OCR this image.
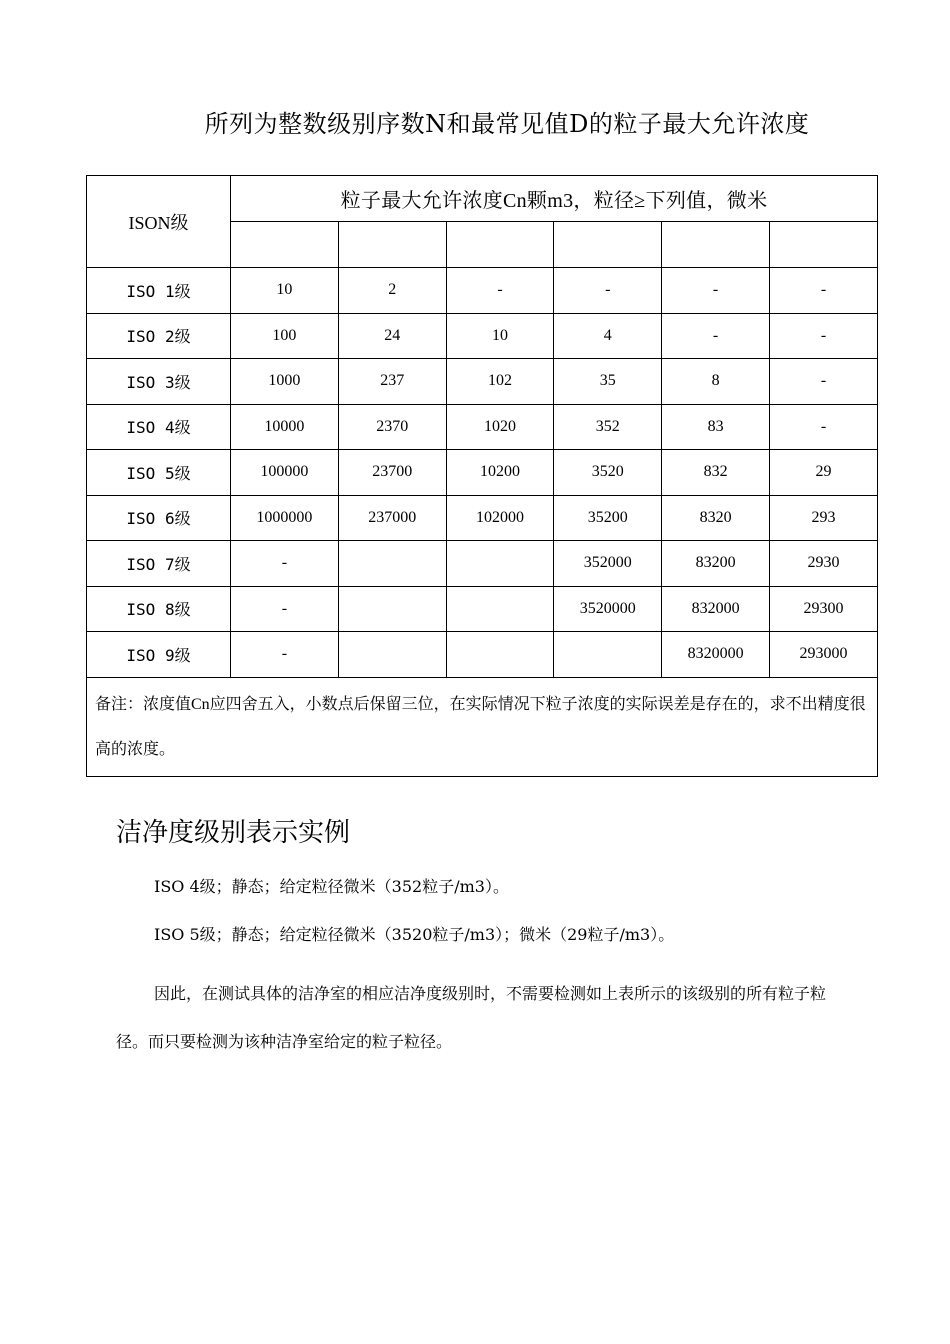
所列为整数级别序数N和最常见值D的粒子最大允许浓度
ISON级	粒子最大允许浓度Cn颗m3，粒径≥下列值，微米					

ISO 1级	10	2	-	-	-	-
ISO 2级	100	24	10	4	-	-
ISO 3级	1000	237	102	35	8	-
ISO 4级	10000	2370	1020	352	83	-
ISO 5级	100000	23700	10200	3520	832	29
ISO 6级	1000000	237000	102000	35200	8320	293
ISO 7级	-			352000	83200	2930
ISO 8级	-			3520000	832000	29300
ISO 9级	-				8320000	293000
备注：浓度值Cn应四舍五入，小数点后保留三位，在实际情况下粒子浓度的实际误差是存在的，求不出精度很高的浓度。						
洁净度级别表示实例
ISO 4级；静态；给定粒径微米（352粒子/m3）。
ISO 5级；静态；给定粒径微米（3520粒子/m3）；微米（29粒子/m3）。
因此，在测试具体的洁净室的相应洁净度级别时，不需要检测如上表所示的该级别的所有粒子粒径。而只要检测为该种洁净室给定的粒子粒径。
